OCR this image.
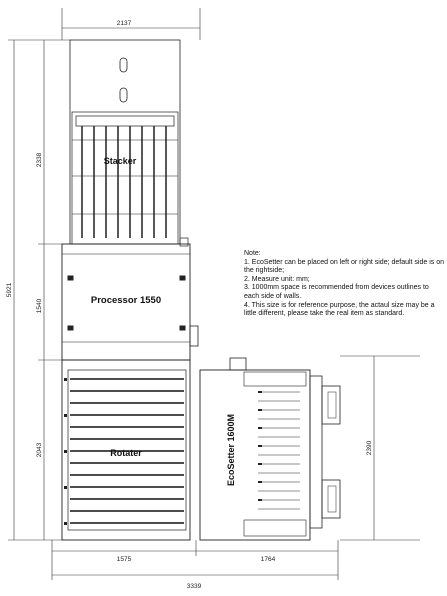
2137
5921
2338
1540
2043	2390
1575	1764
3339
Stacker
Processor 1550
Rotater	EcoSetter 1600M
Note:
1. EcoSetter can be placed on left or right side; default side is on the rightside;
2. Measure unit: mm;
3. 1000mm space is recommended from devices outlines to each side of walls.
4. This size is for reference purpose, the actaul size may be a little different, please take the real item as standard.
